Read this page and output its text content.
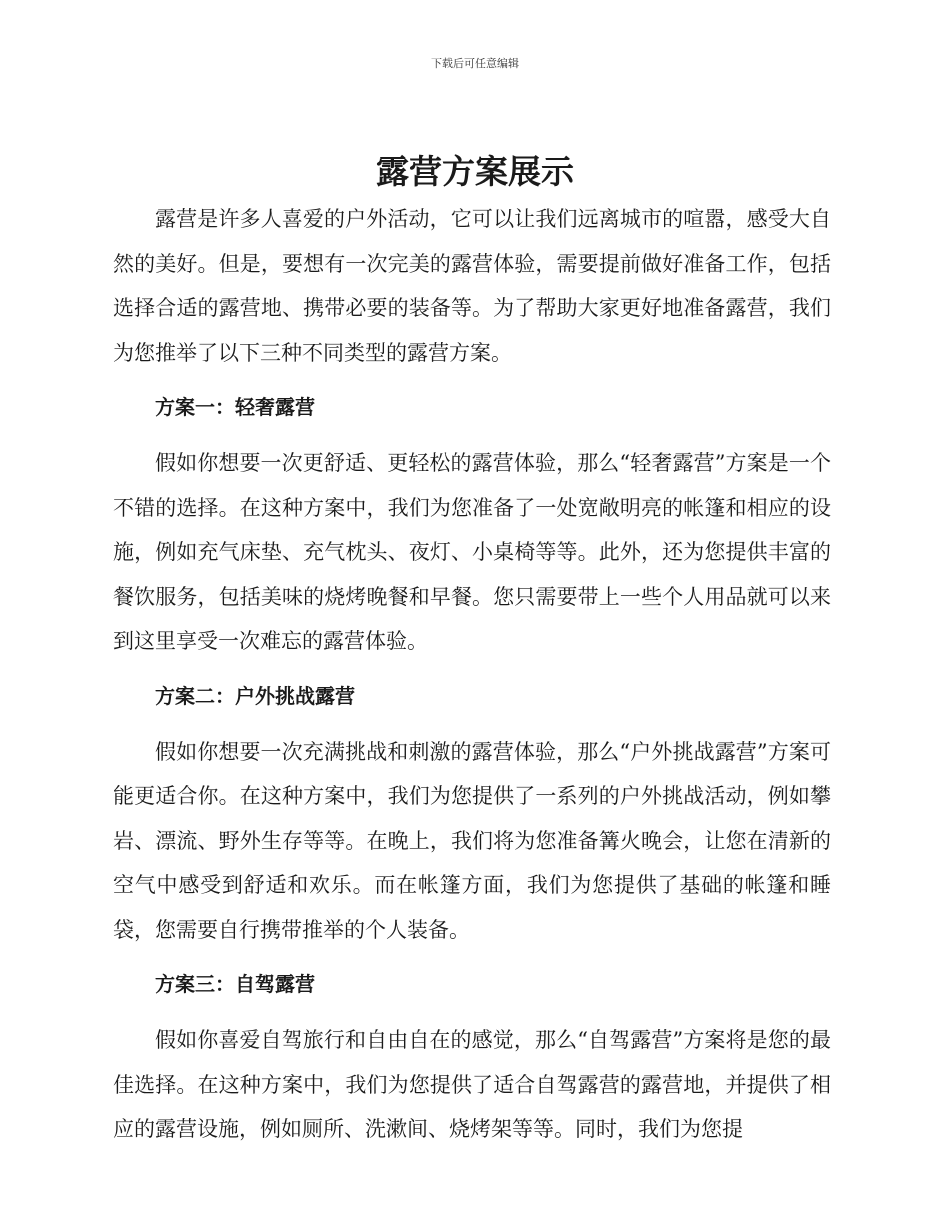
下载后可任意编辑
露营方案展示

露营是许多人喜爱的户外活动，它可以让我们远离城市的喧嚣，感受大自然的美好。但是，要想有一次完美的露营体验，需要提前做好准备工作，包括选择合适的露营地、携带必要的装备等。为了帮助大家更好地准备露营，我们为您推举了以下三种不同类型的露营方案。

方案一：轻奢露营

假如你想要一次更舒适、更轻松的露营体验，那么“轻奢露营”方案是一个不错的选择。在这种方案中，我们为您准备了一处宽敞明亮的帐篷和相应的设施，例如充气床垫、充气枕头、夜灯、小桌椅等等。此外，还为您提供丰富的餐饮服务，包括美味的烧烤晚餐和早餐。您只需要带上一些个人用品就可以来到这里享受一次难忘的露营体验。

方案二：户外挑战露营

假如你想要一次充满挑战和刺激的露营体验，那么“户外挑战露营”方案可能更适合你。在这种方案中，我们为您提供了一系列的户外挑战活动，例如攀岩、漂流、野外生存等等。在晚上，我们将为您准备篝火晚会，让您在清新的空气中感受到舒适和欢乐。而在帐篷方面，我们为您提供了基础的帐篷和睡袋，您需要自行携带推举的个人装备。

方案三：自驾露营

假如你喜爱自驾旅行和自由自在的感觉，那么“自驾露营”方案将是您的最佳选择。在这种方案中，我们为您提供了适合自驾露营的露营地，并提供了相应的露营设施，例如厕所、洗漱间、烧烤架等等。同时，我们为您提
